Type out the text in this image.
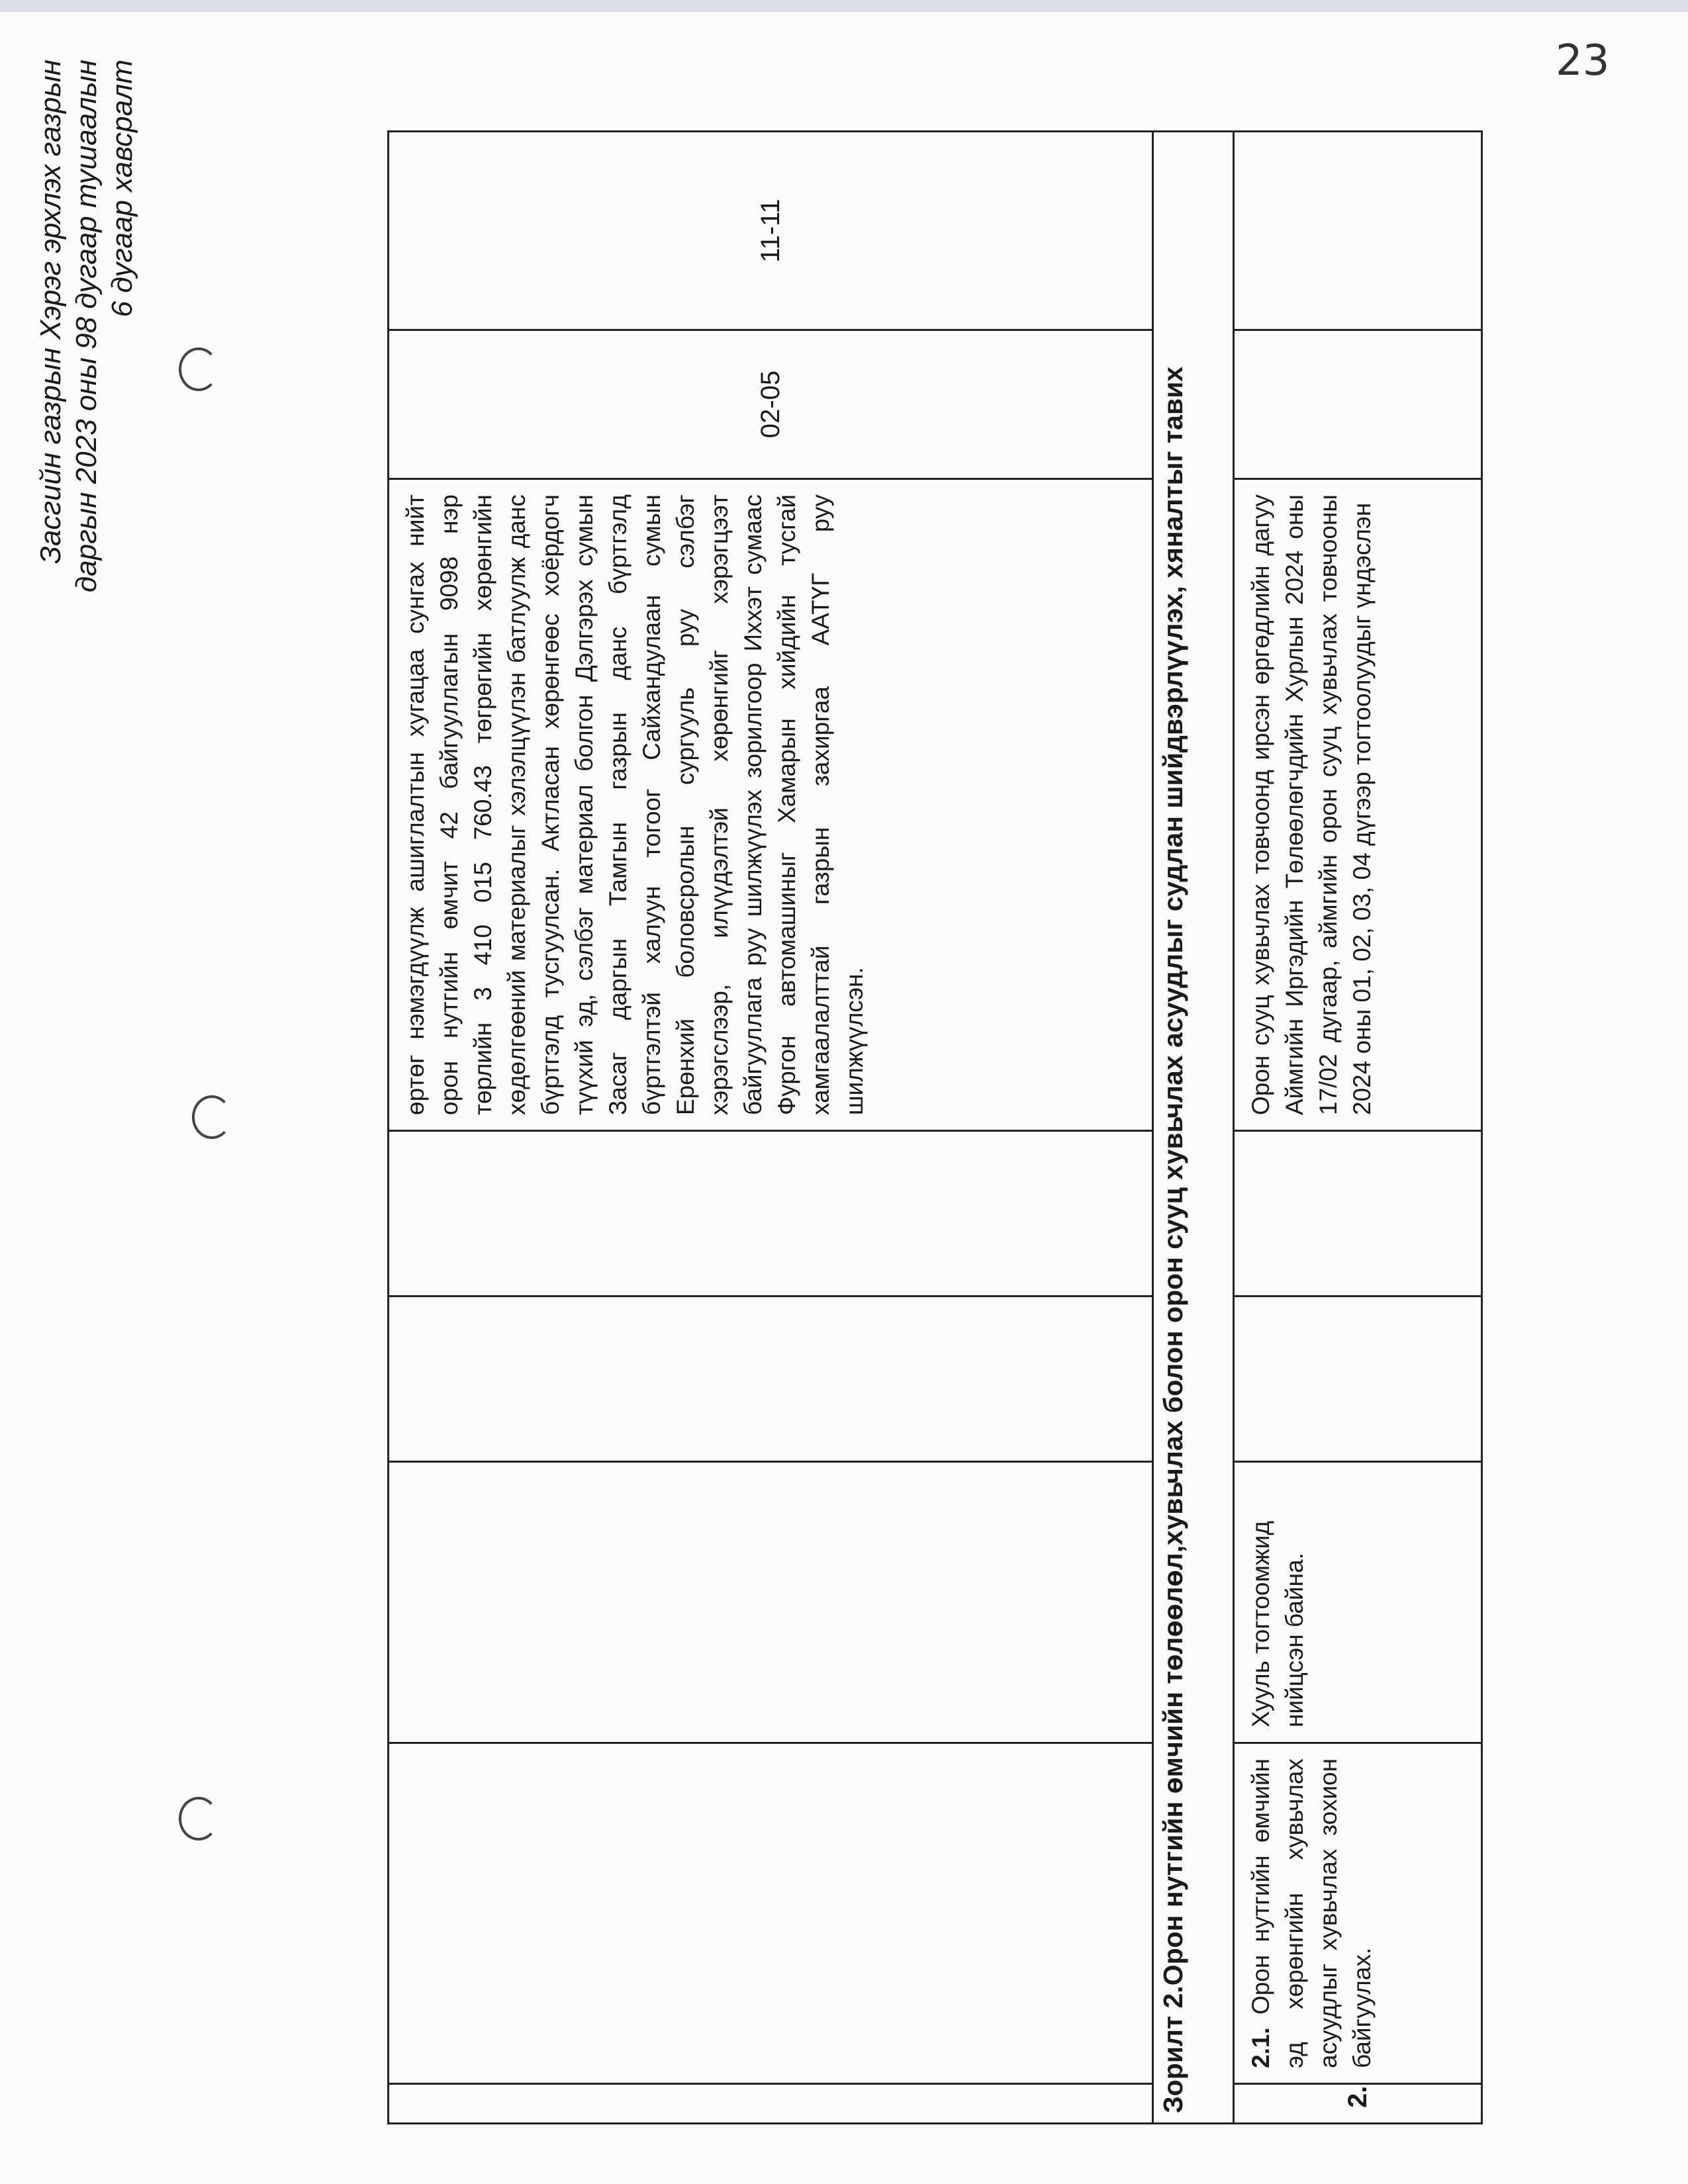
23
Засгийн газрын Хэрэг эрхлэх газрын даргын 2023 оны 98 дугаар тушаалын 6 дугаар хавсралт
					өртөг нэмэгдүүлж ашиглалтын хугацаа сунгах нийт орон нутгийн өмчит 42 байгууллагын 9098 нэр төрлийн 3 410 015 760.43 төгрөгийн хөрөнгийн хөдөлгөөний материалыг хэлэлцүүлэн батлуулж данс бүртгэлд тусгуулсан. Актласан хөрөнгөөс хоёрдогч түүхий эд, сэлбэг материал болгон Дэлгэрэх сумын Засаг даргын Тамгын газрын данс бүртгэлд бүртгэлтэй халуун тогоог Сайхандулаан сумын Ерөнхий боловсролын сургууль руу сэлбэг хэрэгслээр, илүүдэлтэй хөрөнгийг хэрэгцээт байгууллага руу шилжүүлэх зорилгоор Иххэт сумаас Фургон автомашиныг Хамарын хийдийн тусгай хамгаалалттай газрын захиргаа ААТҮГ руу шилжүүлсэн.	02-05	11-11
Зорилт 2.Орон нутгийн өмчийн төлөөлөл,хувьчлах болон орон сууц хувьчлах асуудлыг судлан шийдвэрлүүлэх, хяналтыг тавих							
2.	2.1. Орон нутгийн өмчийн эд хөрөнгийн хувьчлах асуудлыг хувьчлах зохион байгуулах.	Хууль тогтоомжид нийцсэн байна.			Орон сууц хувьчлах товчоонд ирсэн өргөдлийн дагуу Аймгийн Иргэдийн Төлөөлөгчдийн Хурлын 2024 оны 17/02 дугаар, аймгийн орон сууц хувьчлах товчооны 2024 оны 01, 02, 03, 04 дүгээр тогтоолуудыг үндэслэн		
